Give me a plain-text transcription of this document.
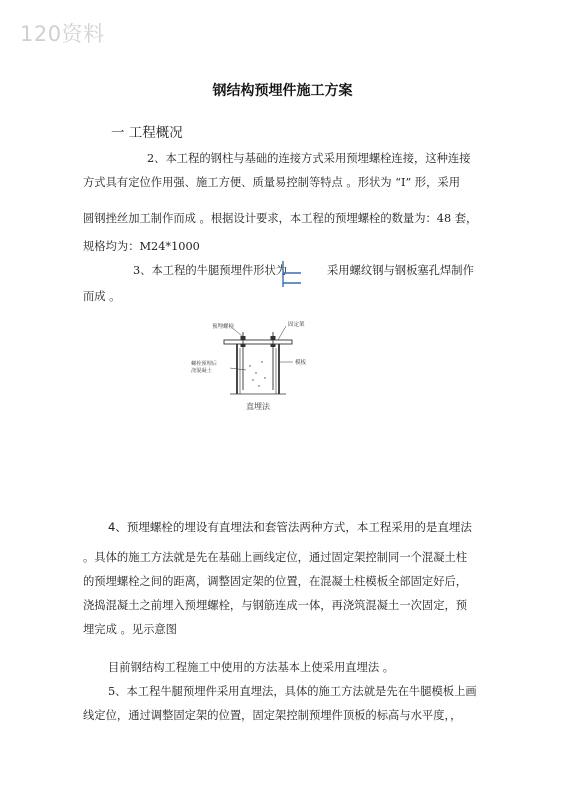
120资料
钢结构预埋件施工方案
一 工程概况
2、本工程的钢柱与基础的连接方式采用预埋螺栓连接，这种连接
方式具有定位作用强、施工方便、质量易控制等特点 。形状为 “I” 形，采用
圆钢挫丝加工制作而成 。根据设计要求，本工程的预埋螺栓的数量为：48 套，
规格均为：M24*1000
3、本工程的牛腿预埋件形状为	采用螺纹钢与钢板塞孔焊制作
而成 。
预埋螺栓	固定架
模板
螺栓预埋后
浇混凝土
直埋法
4、预埋螺栓的埋设有直埋法和套管法两种方式，本工程采用的是直埋法
。具体的施工方法就是先在基础上画线定位，通过固定架控制同一个混凝土柱
的预埋螺栓之间的距离，调整固定架的位置，在混凝土柱模板全部固定好后，
浇捣混凝土之前埋入预埋螺栓，与钢筋连成一体，再浇筑混凝土一次固定，预
埋完成 。见示意图
目前钢结构工程施工中使用的方法基本上使采用直埋法 。
5、本工程牛腿预埋件采用直埋法，具体的施工方法就是先在牛腿模板上画
线定位，通过调整固定架的位置，固定架控制预埋件顶板的标高与水平度，，
